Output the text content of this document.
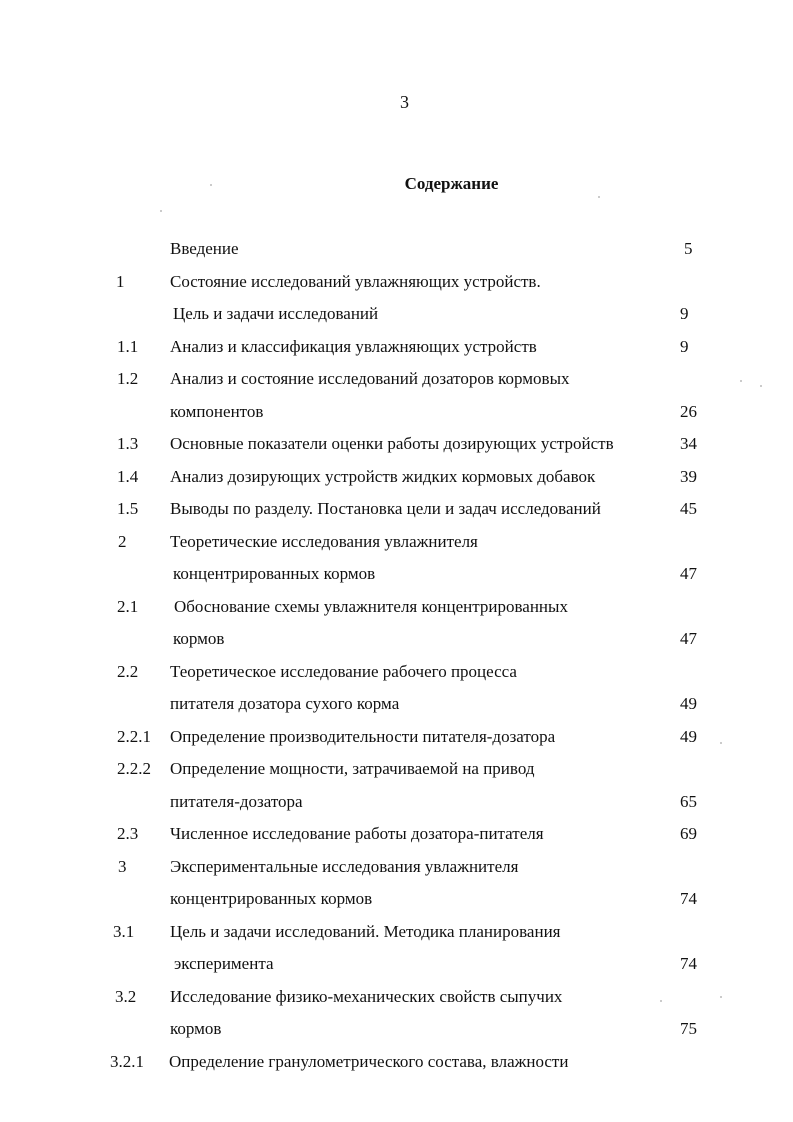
3
Содержание
Введение	5
1	Состояние исследований увлажняющих устройств.
Цель и задачи исследований	9
1.1 Анализ и классификация увлажняющих устройств	9
1.2 Анализ и состояние исследований дозаторов кормовых
компонентов	26
1.3 Основные показатели оценки работы дозирующих устройств	34
1.4 Анализ дозирующих устройств жидких кормовых добавок	39
1.5 Выводы по разделу. Постановка цели и задач исследований	45
2	Теоретические исследования увлажнителя
концентрированных кормов	47
2.1 Обоснование схемы увлажнителя концентрированных
кормов	47
2.2 Теоретическое исследование рабочего процесса
питателя дозатора сухого корма	49
2.2.1 Определение производительности питателя-дозатора	49
2.2.2 Определение мощности, затрачиваемой на привод
питателя-дозатора	65
2.3 Численное исследование работы дозатора-питателя	69
3	Экспериментальные исследования увлажнителя
концентрированных кормов	74
3.1 Цель и задачи исследований. Методика планирования
эксперимента	74
3.2 Исследование физико-механических свойств сыпучих
кормов	75
3.2.1 Определение гранулометрического состава, влажности
